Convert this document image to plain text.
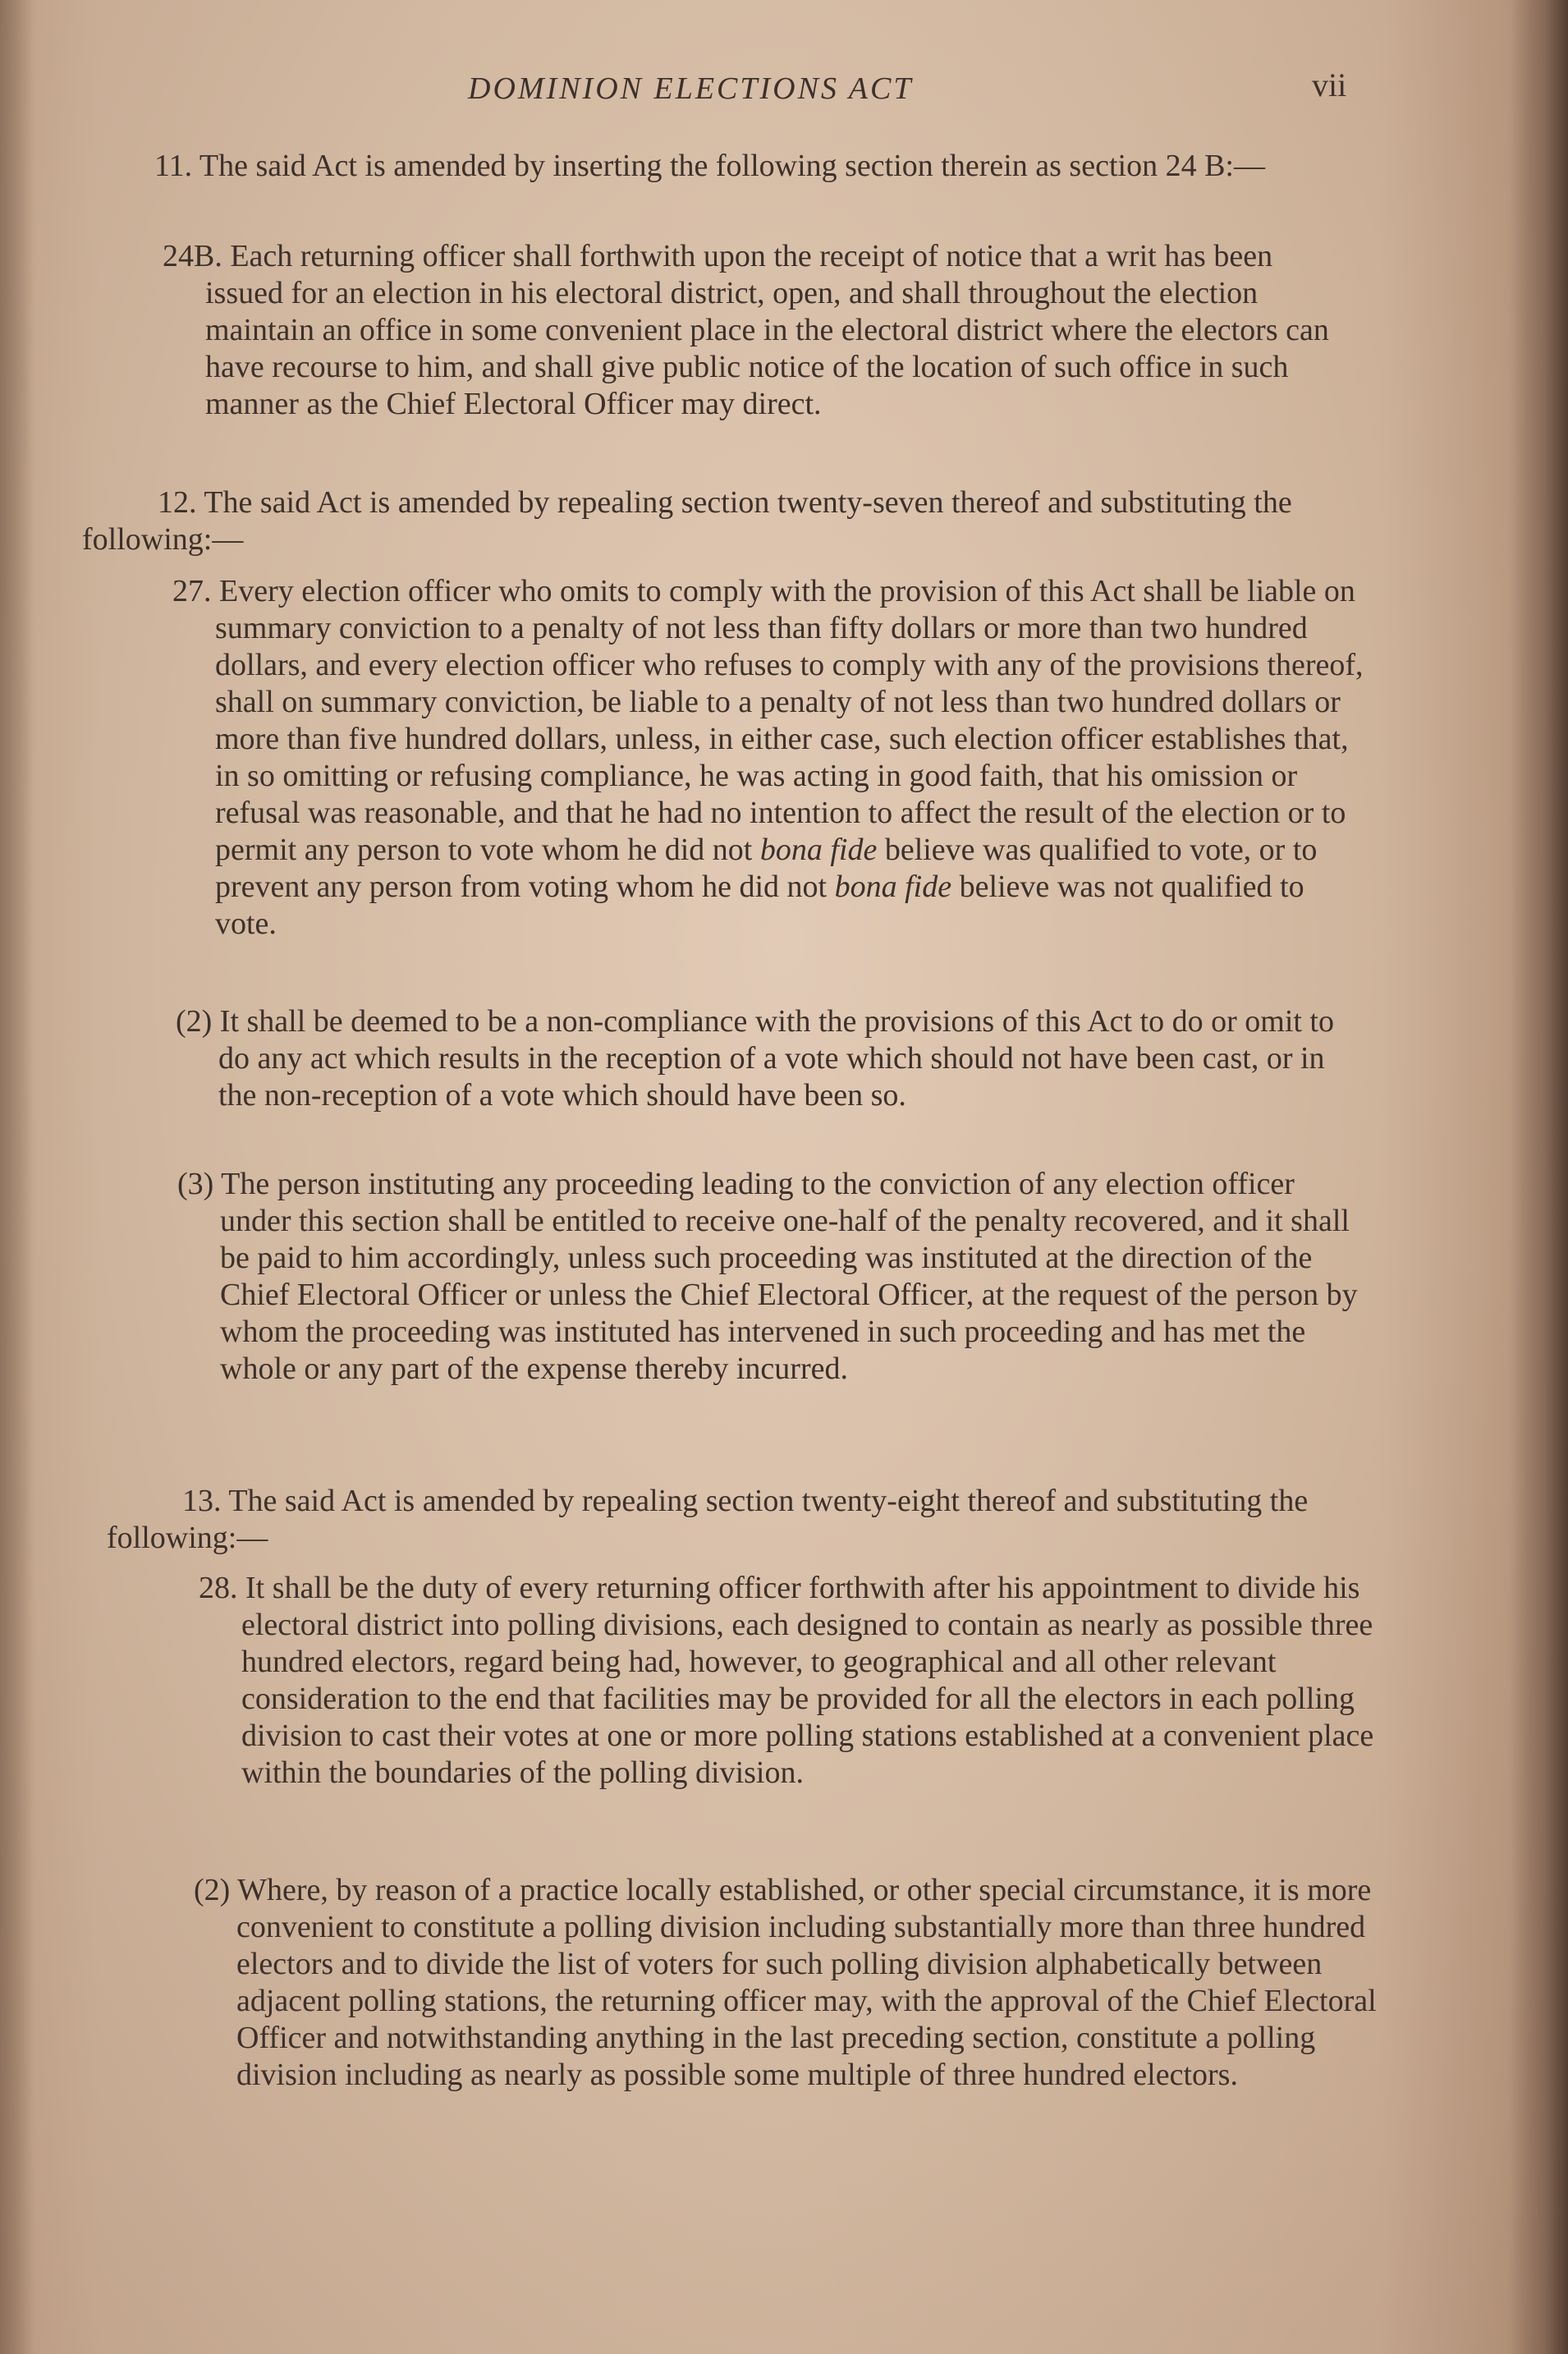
DOMINION ELECTIONS ACT	vii

11. The said Act is amended by inserting the following section therein as section 24 B:—

24B. Each returning officer shall forthwith upon the receipt of notice that a writ has been issued for an election in his electoral district, open, and shall throughout the election maintain an office in some convenient place in the electoral district where the electors can have recourse to him, and shall give public notice of the location of such office in such manner as the Chief Electoral Officer may direct.

12. The said Act is amended by repealing section twenty-seven thereof and substituting the following:—

27. Every election officer who omits to comply with the provision of this Act shall be liable on summary conviction to a penalty of not less than fifty dollars or more than two hundred dollars, and every election officer who refuses to comply with any of the provisions thereof, shall on summary conviction, be liable to a penalty of not less than two hundred dollars or more than five hundred dollars, unless, in either case, such election officer establishes that, in so omitting or refusing compliance, he was acting in good faith, that his omission or refusal was reasonable, and that he had no intention to affect the result of the election or to permit any person to vote whom he did not bona fide believe was qualified to vote, or to prevent any person from voting whom he did not bona fide believe was not qualified to vote.

(2) It shall be deemed to be a non-compliance with the provisions of this Act to do or omit to do any act which results in the reception of a vote which should not have been cast, or in the non-reception of a vote which should have been so.

(3) The person instituting any proceeding leading to the conviction of any election officer under this section shall be entitled to receive one-half of the penalty recovered, and it shall be paid to him accordingly, unless such proceeding was instituted at the direction of the Chief Electoral Officer or unless the Chief Electoral Officer, at the request of the person by whom the proceeding was instituted has intervened in such proceeding and has met the whole or any part of the expense thereby incurred.

13. The said Act is amended by repealing section twenty-eight thereof and substituting the following:—

28. It shall be the duty of every returning officer forthwith after his appointment to divide his electoral district into polling divisions, each designed to contain as nearly as possible three hundred electors, regard being had, however, to geographical and all other relevant consideration to the end that facilities may be provided for all the electors in each polling division to cast their votes at one or more polling stations established at a convenient place within the boundaries of the polling division.

(2) Where, by reason of a practice locally established, or other special circumstance, it is more convenient to constitute a polling division including substantially more than three hundred electors and to divide the list of voters for such polling division alphabetically between adjacent polling stations, the returning officer may, with the approval of the Chief Electoral Officer and notwithstanding anything in the last preceding section, constitute a polling division including as nearly as possible some multiple of three hundred electors.
